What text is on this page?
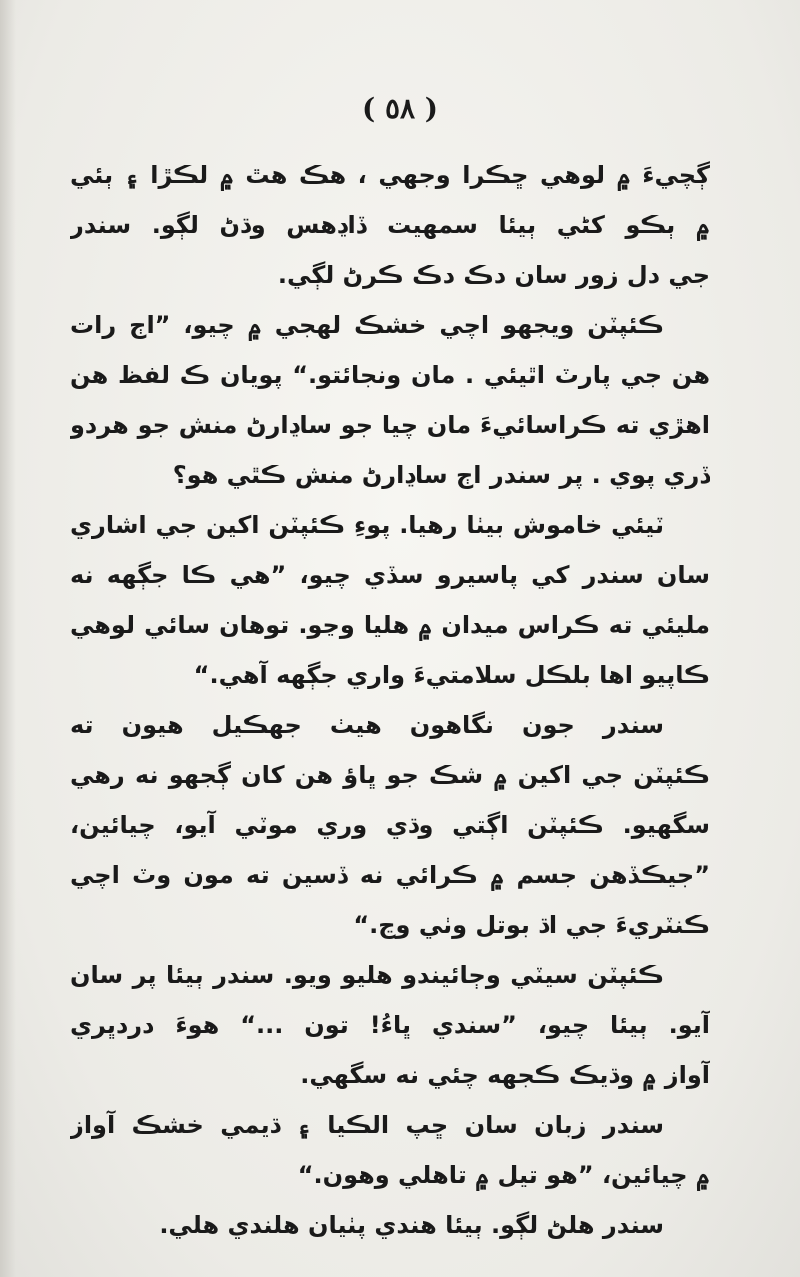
( ٥٨ )
ڳچيءَ ۾ لوهي ڇڪرا وجهي ، هڪ هٿ ۾ لڪڙا ۽ ٻئي
۾ ٻڪو کڻي ٻيئا سمهيت ڏاڍهس وڌڻ لڳو. سندر
جي دل زور سان دڪ دڪ ڪرڻ لڳي.
ڪئپٽن ويجهو اچي خشڪ لهجي ۾ چيو، ”اڄ رات
هن جي پارٽ اٿيئي . مان ونجائتو.“ پويان ڪ لفظ هن
اهڙي ته ڪراسائيءَ مان چيا جو ساڍارڻ منش جو هردو
ڏري پوي . پر سندر اڄ ساڍارڻ منش ڪٿي هو؟
ٽيئي خاموش بيٺا رهيا. پوءِ ڪئپٽن اکين جي اشاري
سان سندر کي پاسيرو سڏي چيو، ”هي ڪا جڳهه نه
مليئي ته ڪراس ميدان ۾ هليا وڃو. توهان سائي لوهي
ڪاپيو اها بلڪل سلامتيءَ واري جڳهه آهي.“
سندر جون نگاهون هيٺ جهڪيل هيون ته
ڪئپٽن جي اکين ۾ شڪ جو ڀاؤ هن کان ڳجهو نه رهي
سگهيو. ڪئپٽن اڳتي وڌي وري موٽي آيو، چيائين،
”جيڪڏهن جسم ۾ ڪرائي نه ڏسين ته مون وٽ اچي
ڪنٽريءَ جي اڌ بوتل وٺي وڃ.“
ڪئپٽن سيٽي وڄائيندو هليو ويو. سندر ٻيئا پر سان
آيو. ٻيئا چيو، ”سندي ڀاءُ! تون ...“ هوءَ دردڀري
آواز ۾ وڌيڪ ڪجهه چئي نه سگهي.
سندر زبان سان ڇپ الڪيا ۽ ڌيمي خشڪ آواز
۾ چيائين، ”هو تيل ۾ تاهلي وهون.“
سندر هلڻ لڳو. ٻيئا هندي پٺيان هلندي هلي.
